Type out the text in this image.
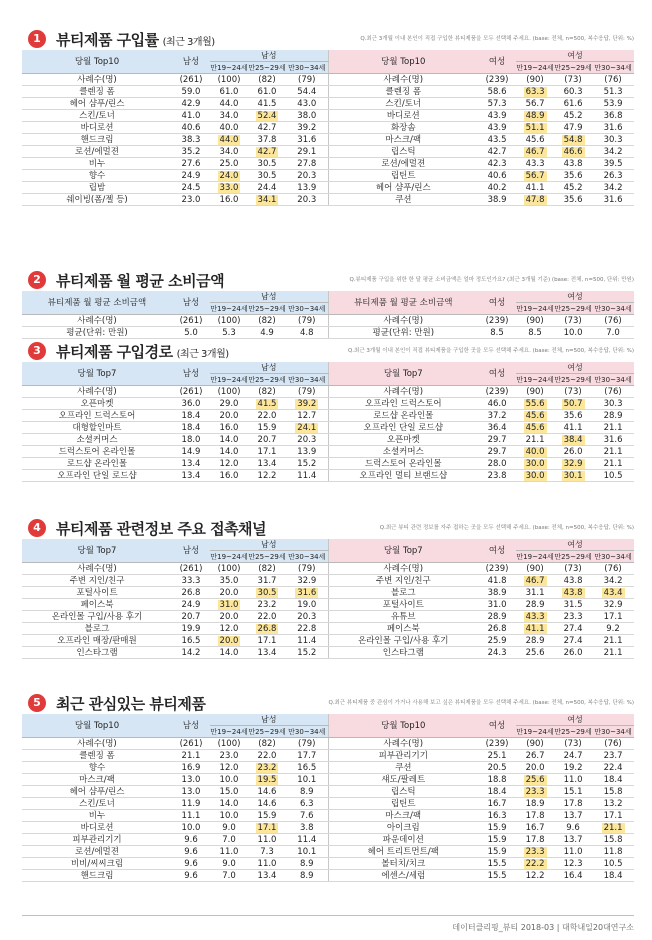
1	뷰티제품 구입률 (최근 3개월)	Q.최근 3개월 이내 본인이 직접 구입한 뷰티제품을 모두 선택해 주세요. (base: 전체, n=500, 복수응답, 단위: %)
당월 Top10	남성	남성			당월 Top10	여성	여성		
		만19~24세	만25~29세	만30~34세			만19~24세	만25~29세	만30~34세
사례수(명)	(261)	(100)	(82)	(79)	사례수(명)	(239)	(90)	(73)	(76)
클렌징 폼	59.0	61.0	61.0	54.4	클렌징 폼	58.6	63.3	60.3	51.3
헤어 샴푸/린스	42.9	44.0	41.5	43.0	스킨/토너	57.3	56.7	61.6	53.9
스킨/토너	41.0	34.0	52.4	38.0	바디로션	43.9	48.9	45.2	36.8
바디로션	40.6	40.0	42.7	39.2	화장솜	43.9	51.1	47.9	31.6
핸드크림	38.3	44.0	37.8	31.6	마스크/팩	43.5	45.6	54.8	30.3
로션/에멀젼	35.2	34.0	42.7	29.1	립스틱	42.7	46.7	46.6	34.2
비누	27.6	25.0	30.5	27.8	로션/에멀젼	42.3	43.3	43.8	39.5
향수	24.9	24.0	30.5	20.3	립틴트	40.6	56.7	35.6	26.3
립밤	24.5	33.0	24.4	13.9	헤어 샴푸/린스	40.2	41.1	45.2	34.2
쉐이빙(폼/젤 등)	23.0	16.0	34.1	20.3	쿠션	38.9	47.8	35.6	31.6
2	뷰티제품 월 평균 소비금액	Q.뷰티제품 구입을 위한 한 달 평균 소비금액은 얼마 정도인가요? (최근 3개월 기준) (base: 전체, n=500, 단위: 만원)
뷰티제품 월 평균 소비금액	남성	남성			뷰티제품 월 평균 소비금액	여성	여성		
		만19~24세	만25~29세	만30~34세			만19~24세	만25~29세	만30~34세
사례수(명)	(261)	(100)	(82)	(79)	사례수(명)	(239)	(90)	(73)	(76)
평균(단위: 만원)	5.0	5.3	4.9	4.8	평균(단위: 만원)	8.5	8.5	10.0	7.0
3	뷰티제품 구입경로 (최근 3개월)	Q.최근 3개월 이내 본인이 직접 뷰티제품을 구입한 곳을 모두 선택해 주세요. (base: 전체, n=500, 복수응답, 단위: %)
당월 Top7	남성	남성			당월 Top7	여성	여성		
		만19~24세	만25~29세	만30~34세			만19~24세	만25~29세	만30~34세
사례수(명)	(261)	(100)	(82)	(79)	사례수(명)	(239)	(90)	(73)	(76)
오픈마켓	36.0	29.0	41.5	39.2	오프라인 드럭스토어	46.0	55.6	50.7	30.3
오프라인 드럭스토어	18.4	20.0	22.0	12.7	로드샵 온라인몰	37.2	45.6	35.6	28.9
대형할인마트	18.4	16.0	15.9	24.1	오프라인 단일 로드샵	36.4	45.6	41.1	21.1
소셜커머스	18.0	14.0	20.7	20.3	오픈마켓	29.7	21.1	38.4	31.6
드럭스토어 온라인몰	14.9	14.0	17.1	13.9	소셜커머스	29.7	40.0	26.0	21.1
로드샵 온라인몰	13.4	12.0	13.4	15.2	드럭스토어 온라인몰	28.0	30.0	32.9	21.1
오프라인 단일 로드샵	13.4	16.0	12.2	11.4	오프라인 멀티 브랜드샵	23.8	30.0	30.1	10.5
4	뷰티제품 관련정보 주요 접촉채널	Q.최근 뷰티 관련 정보를 자주 접하는 곳을 모두 선택해 주세요. (base: 전체, n=500, 복수응답, 단위: %)
당월 Top7	남성	남성			당월 Top7	여성	여성		
		만19~24세	만25~29세	만30~34세			만19~24세	만25~29세	만30~34세
사례수(명)	(261)	(100)	(82)	(79)	사례수(명)	(239)	(90)	(73)	(76)
주변 지인/친구	33.3	35.0	31.7	32.9	주변 지인/친구	41.8	46.7	43.8	34.2
포털사이트	26.8	20.0	30.5	31.6	블로그	38.9	31.1	43.8	43.4
페이스북	24.9	31.0	23.2	19.0	포털사이트	31.0	28.9	31.5	32.9
온라인몰 구입/사용 후기	20.7	20.0	22.0	20.3	유튜브	28.9	43.3	23.3	17.1
블로그	19.9	12.0	26.8	22.8	페이스북	26.8	41.1	27.4	9.2
오프라인 매장/판매원	16.5	20.0	17.1	11.4	온라인몰 구입/사용 후기	25.9	28.9	27.4	21.1
인스타그램	14.2	14.0	13.4	15.2	인스타그램	24.3	25.6	26.0	21.1
5	최근 관심있는 뷰티제품	Q.최근 뷰티제품 중 관심이 가거나 사용해 보고 싶은 뷰티제품을 모두 선택해 주세요. (base: 전체, n=500, 복수응답, 단위: %)
당월 Top10	남성	남성			당월 Top10	여성	여성		
		만19~24세	만25~29세	만30~34세			만19~24세	만25~29세	만30~34세
사례수(명)	(261)	(100)	(82)	(79)	사례수(명)	(239)	(90)	(73)	(76)
클렌징 폼	21.1	23.0	22.0	17.7	피부관리기기	25.1	26.7	24.7	23.7
향수	16.9	12.0	23.2	16.5	쿠션	20.5	20.0	19.2	22.4
마스크/팩	13.0	10.0	19.5	10.1	섀도/팔레트	18.8	25.6	11.0	18.4
헤어 샴푸/린스	13.0	15.0	14.6	8.9	립스틱	18.4	23.3	15.1	15.8
스킨/토너	11.9	14.0	14.6	6.3	립틴트	16.7	18.9	17.8	13.2
비누	11.1	10.0	15.9	7.6	마스크/팩	16.3	17.8	13.7	17.1
바디로션	10.0	9.0	17.1	3.8	아이크림	15.9	16.7	9.6	21.1
피부관리기기	9.6	7.0	11.0	11.4	파운데이션	15.9	17.8	13.7	15.8
로션/에멀젼	9.6	11.0	7.3	10.1	헤어 트리트먼트/팩	15.9	23.3	11.0	11.8
비비/씨씨크림	9.6	9.0	11.0	8.9	볼터치/치크	15.5	22.2	12.3	10.5
핸드크림	9.6	7.0	13.4	8.9	에센스/세럼	15.5	12.2	16.4	18.4
데이터클리핑_뷰티 2018-03 | 대학내일20대연구소
